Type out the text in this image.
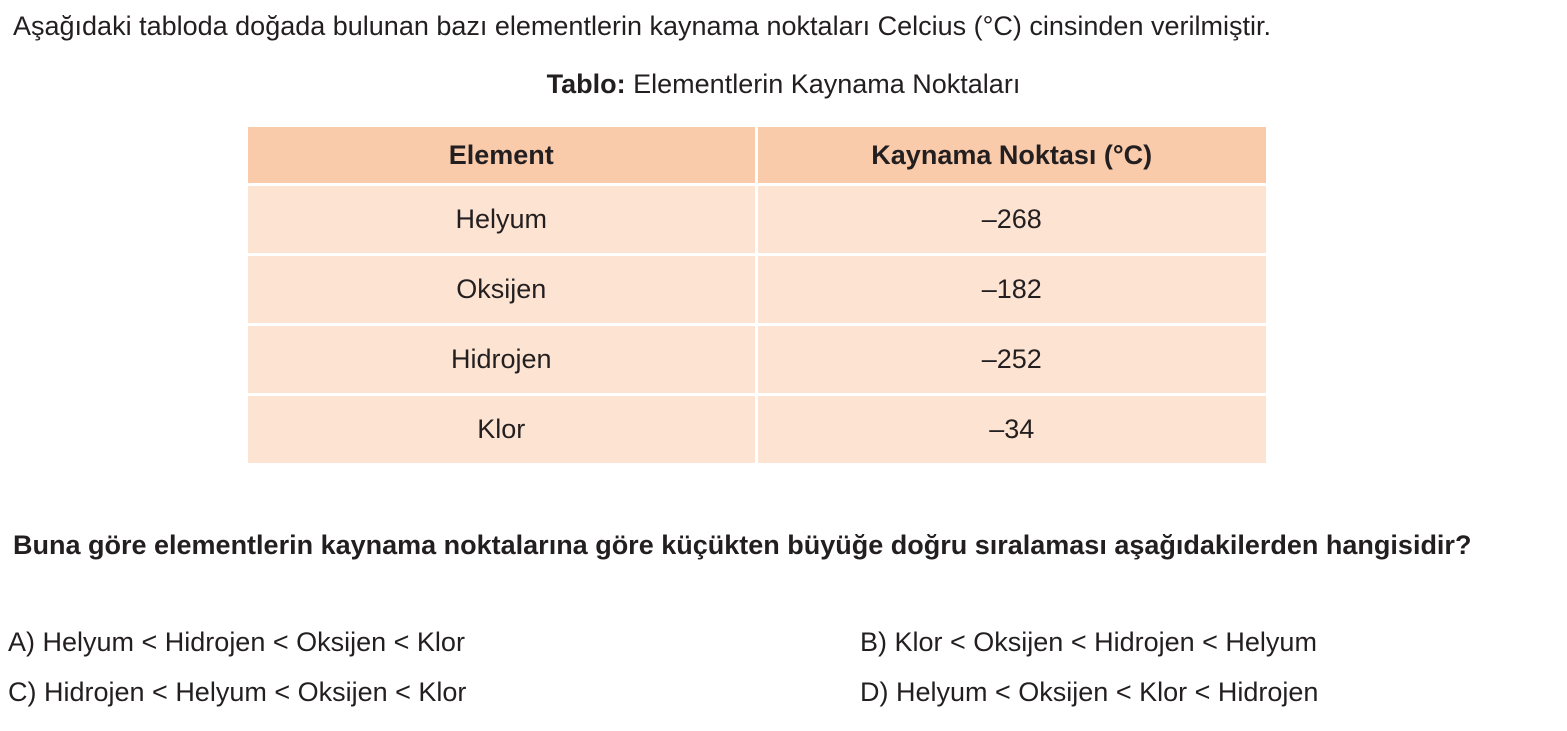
Aşağıdaki tabloda doğada bulunan bazı elementlerin kaynama noktaları Celcius (°C) cinsinden verilmiştir.
Tablo: Elementlerin Kaynama Noktaları
Element	Kaynama Noktası (°C)
Helyum	–268
Oksijen	–182
Hidrojen	–252
Klor	–34
Buna göre elementlerin kaynama noktalarına göre küçükten büyüğe doğru sıralaması aşağıdakilerden hangisidir?
A) Helyum < Hidrojen < Oksijen < Klor	B) Klor < Oksijen < Hidrojen < Helyum
C) Hidrojen < Helyum < Oksijen < Klor	D) Helyum < Oksijen < Klor < Hidrojen
